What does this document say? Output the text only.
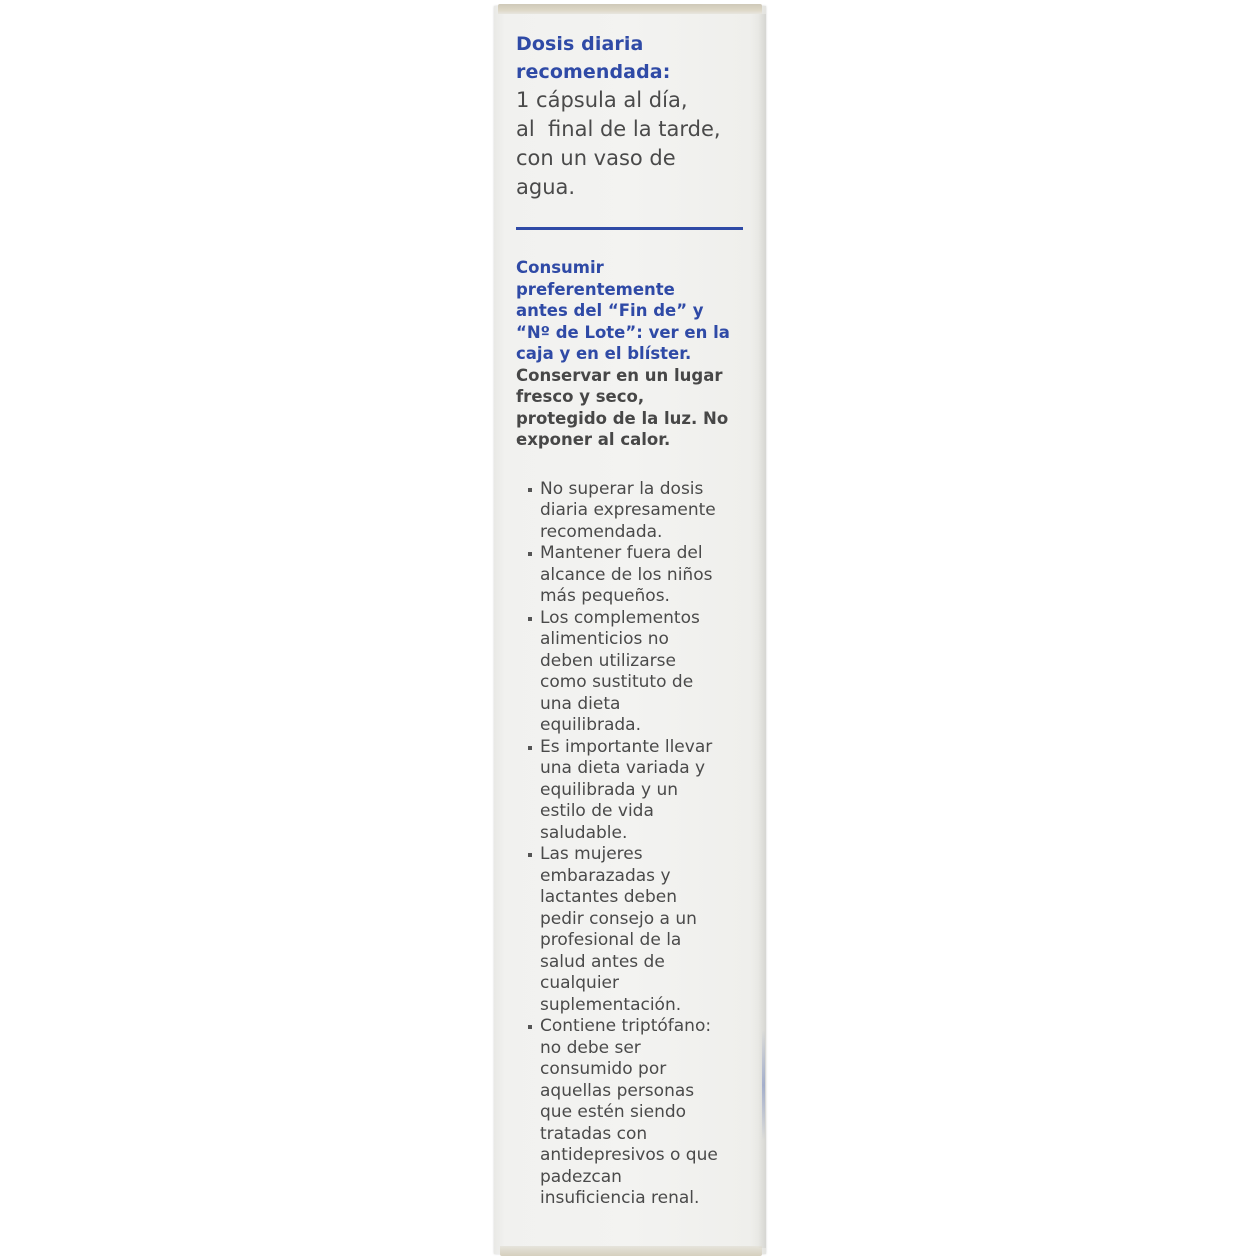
Dosis diaria
recomendada:

1 cápsula al día,
al  final de la tarde,
con un vaso de
agua.

Consumir
preferentemente
antes del “Fin de” y
“Nº de Lote”: ver en la
caja y en el blíster.

Conservar en un lugar
fresco y seco,
protegido de la luz. No
exponer al calor.

No superar la dosis
diaria expresamente
recomendada.
Mantener fuera del
alcance de los niños
más pequeños.
Los complementos
alimenticios no
deben utilizarse
como sustituto de
una dieta
equilibrada.
Es importante llevar
una dieta variada y
equilibrada y un
estilo de vida
saludable.
Las mujeres
embarazadas y
lactantes deben
pedir consejo a un
profesional de la
salud antes de
cualquier
suplementación.
Contiene triptófano:
no debe ser
consumido por
aquellas personas
que estén siendo
tratadas con
antidepresivos o que
padezcan
insuficiencia renal.
